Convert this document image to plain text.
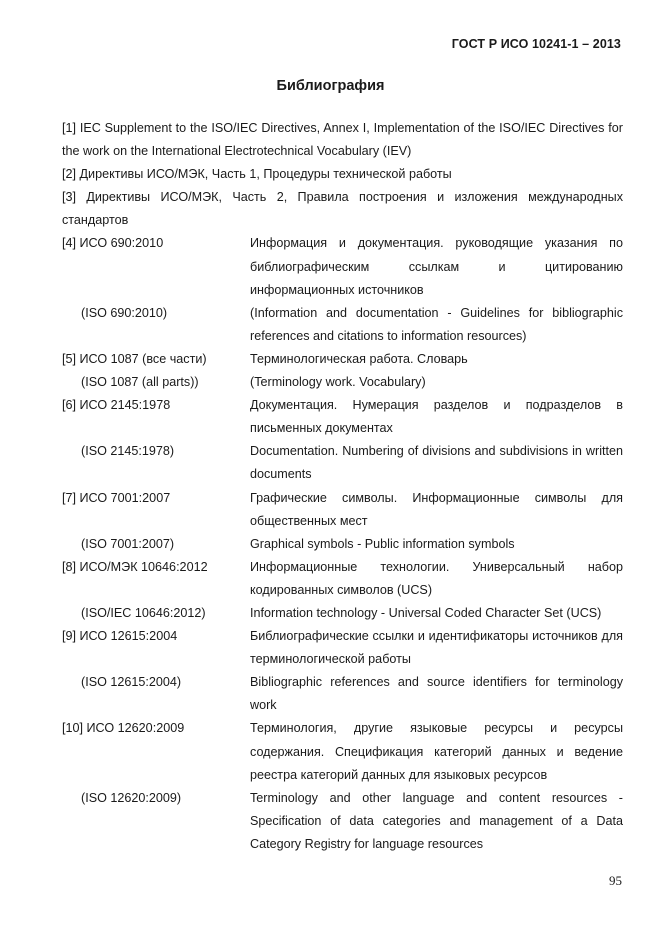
ГОСТ Р ИСО 10241-1 – 2013
Библиография
[1] IEC Supplement to the ISO/IEC Directives, Annex I, Implementation of the ISO/IEC Directives for the work on the International Electrotechnical Vocabulary (IEV)
[2] Директивы ИСО/МЭК, Часть 1, Процедуры технической работы
[3] Директивы ИСО/МЭК, Часть 2, Правила построения и изложения международных стандартов
[4] ИСО 690:2010	Информация и документация. руководящие указания по библиографическим ссылкам и цитированию информационных источников
(ISO 690:2010)	(Information and documentation - Guidelines for bibliographic references and citations to information resources)
[5] ИСО 1087 (все части)	Терминологическая работа. Словарь
(ISO 1087 (all parts))	(Terminology work. Vocabulary)
[6] ИСО 2145:1978	Документация. Нумерация разделов и подразделов в письменных документах
(ISO 2145:1978)	Documentation. Numbering of divisions and subdivisions in written documents
[7] ИСО 7001:2007	Графические символы. Информационные символы для общественных мест
(ISO 7001:2007)	Graphical symbols - Public information symbols
[8] ИСО/МЭК 10646:2012	Информационные технологии. Универсальный набор кодированных символов (UCS)
(ISO/IEC 10646:2012)	Information technology - Universal Coded Character Set (UCS)
[9] ИСО 12615:2004	Библиографические ссылки и идентификаторы источников для терминологической работы
(ISO 12615:2004)	Bibliographic references and source identifiers for terminology work
[10] ИСО 12620:2009	Терминология, другие языковые ресурсы и ресурсы содержания. Спецификация категорий данных и ведение реестра категорий данных для языковых ресурсов
(ISO 12620:2009)	Terminology and other language and content resources - Specification of data categories and management of a Data Category Registry for language resources
95
